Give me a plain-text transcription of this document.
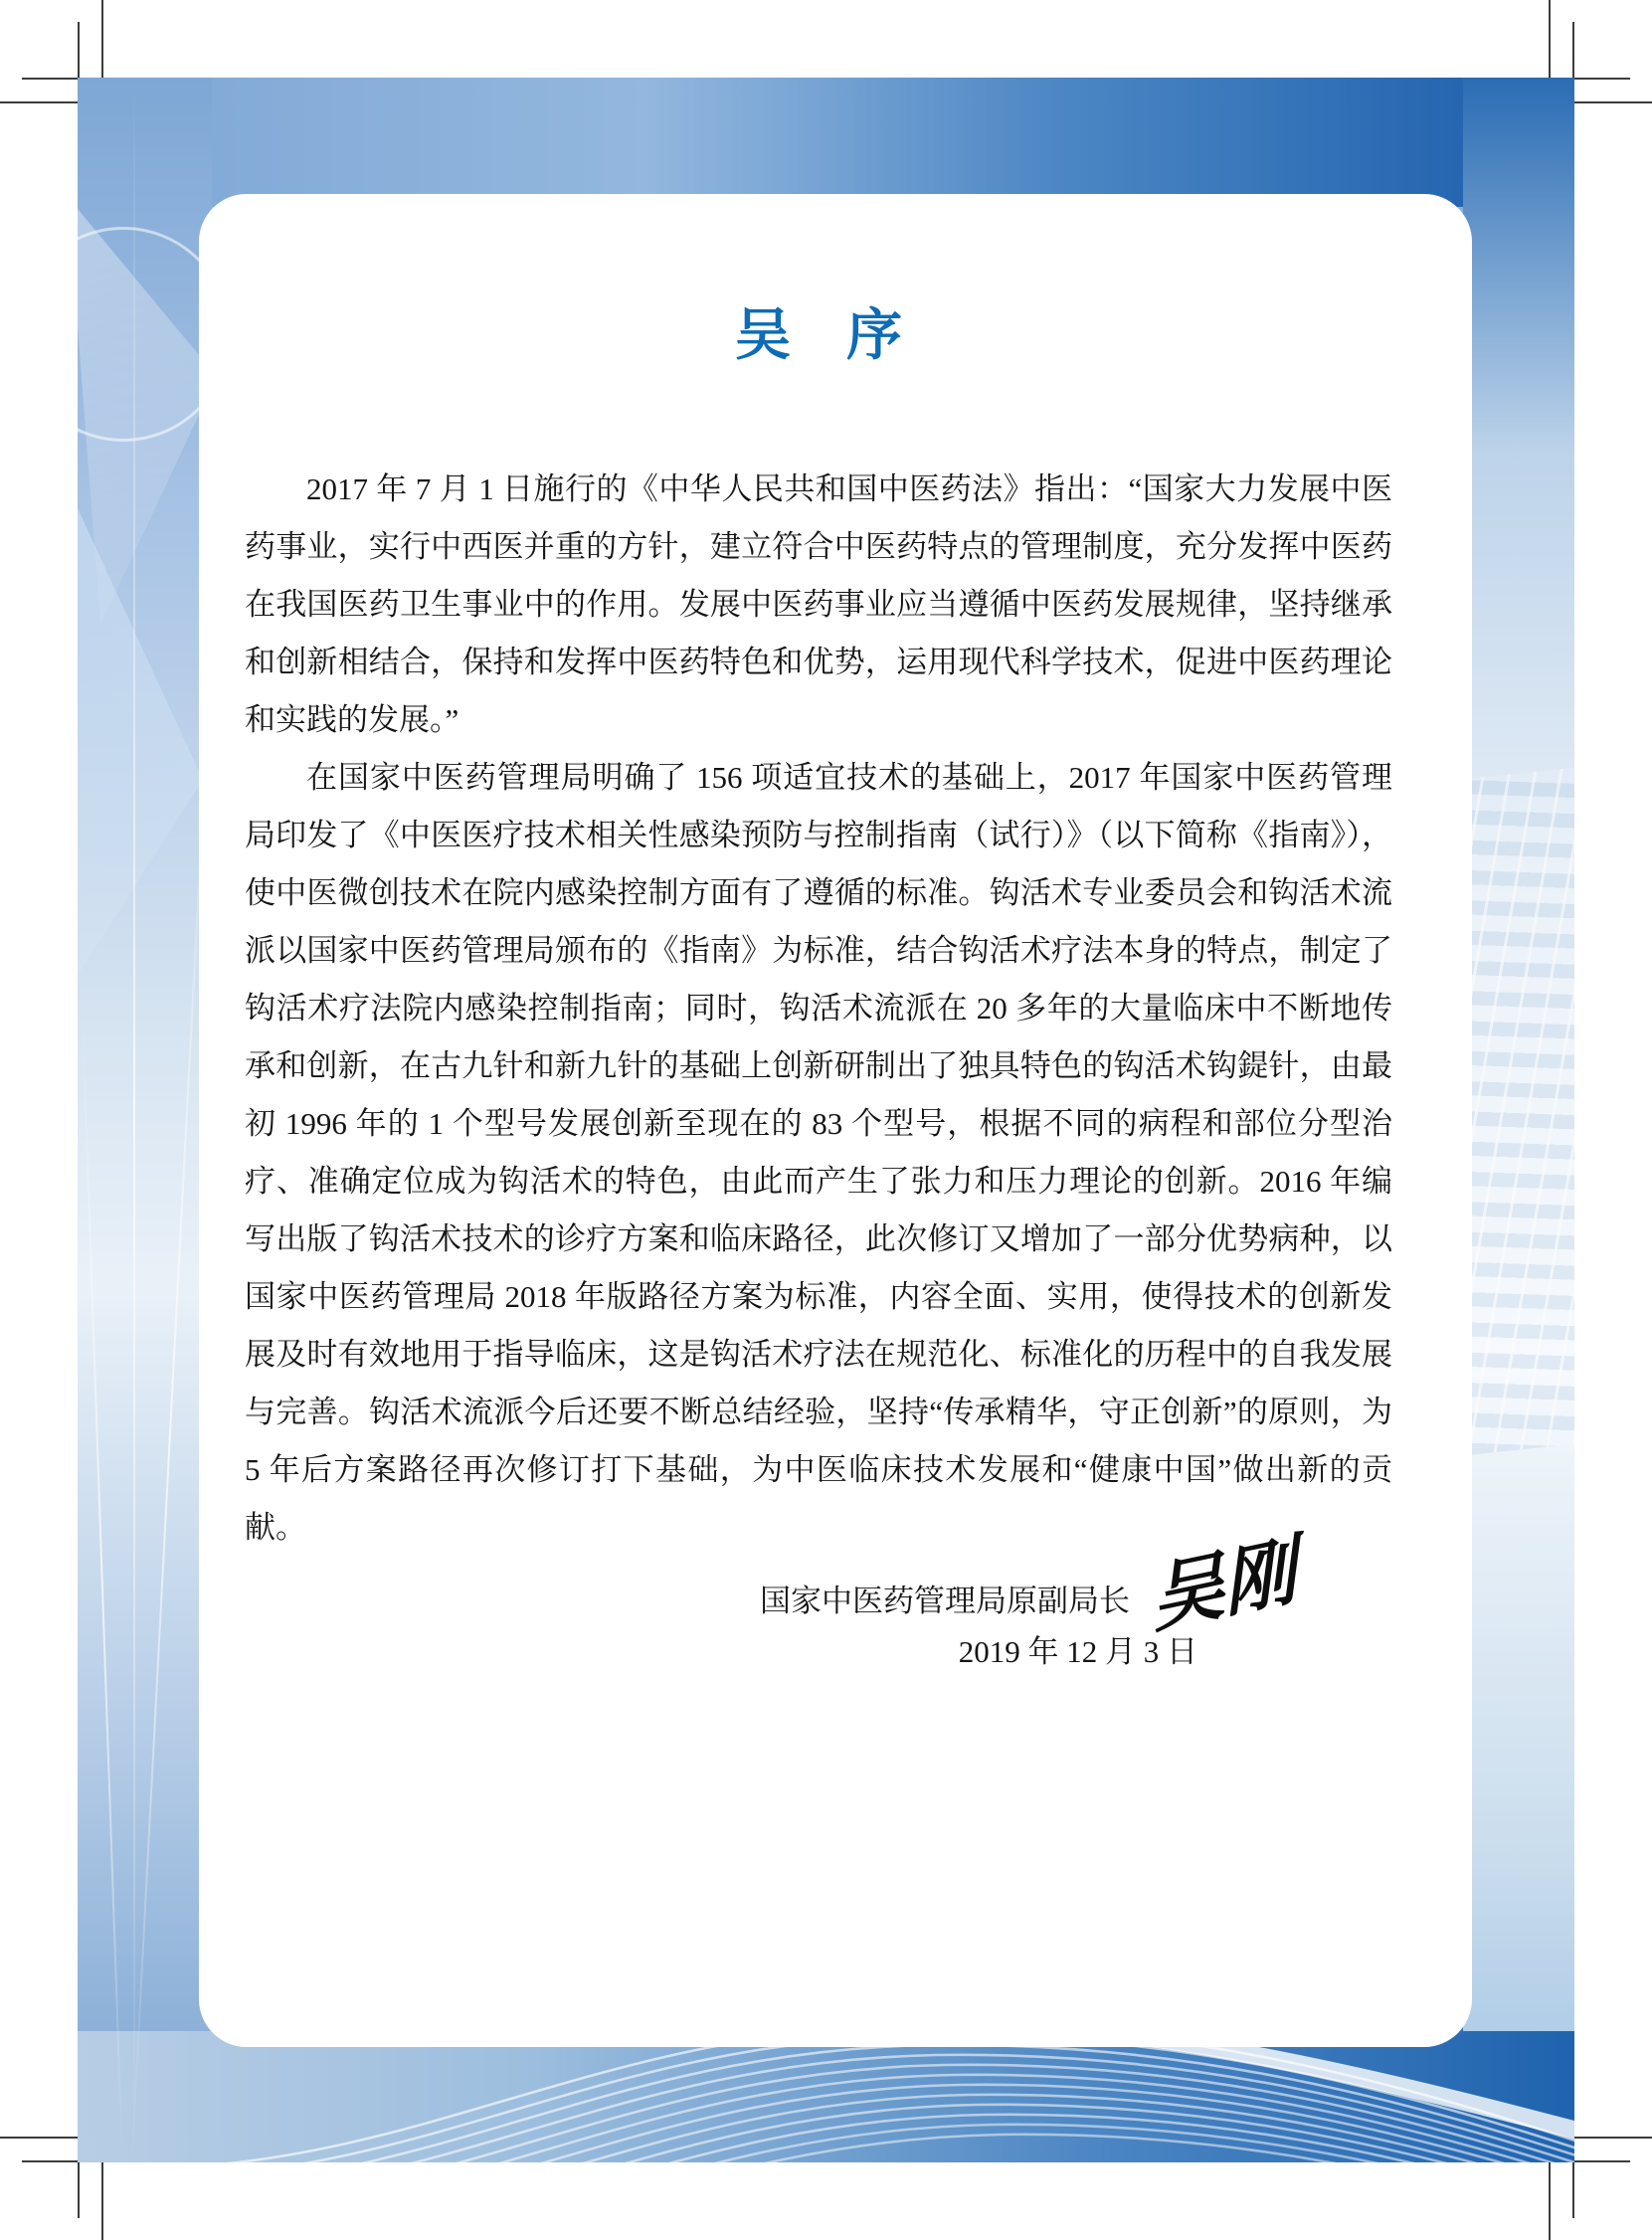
吴　序

2017 年 7 月 1 日施行的《中华人民共和国中医药法》指出：“国家大力发展中医药事业，实行中西医并重的方针，建立符合中医药特点的管理制度，充分发挥中医药在我国医药卫生事业中的作用。发展中医药事业应当遵循中医药发展规律，坚持继承和创新相结合，保持和发挥中医药特色和优势，运用现代科学技术，促进中医药理论和实践的发展。”

在国家中医药管理局明确了 156 项适宜技术的基础上，2017 年国家中医药管理局印发了《中医医疗技术相关性感染预防与控制指南（试行）》（以下简称《指南》），使中医微创技术在院内感染控制方面有了遵循的标准。钩活术专业委员会和钩活术流派以国家中医药管理局颁布的《指南》为标准，结合钩活术疗法本身的特点，制定了钩活术疗法院内感染控制指南；同时，钩活术流派在 20 多年的大量临床中不断地传承和创新，在古九针和新九针的基础上创新研制出了独具特色的钩活术钩鍉针，由最初 1996 年的 1 个型号发展创新至现在的 83 个型号，根据不同的病程和部位分型治疗、准确定位成为钩活术的特色，由此而产生了张力和压力理论的创新。2016 年编写出版了钩活术技术的诊疗方案和临床路径，此次修订又增加了一部分优势病种，以国家中医药管理局 2018 年版路径方案为标准，内容全面、实用，使得技术的创新发展及时有效地用于指导临床，这是钩活术疗法在规范化、标准化的历程中的自我发展与完善。钩活术流派今后还要不断总结经验，坚持“传承精华，守正创新”的原则，为 5 年后方案路径再次修订打下基础，为中医临床技术发展和“健康中国”做出新的贡献。

国家中医药管理局原副局长 吴刚
2019 年 12 月 3 日
